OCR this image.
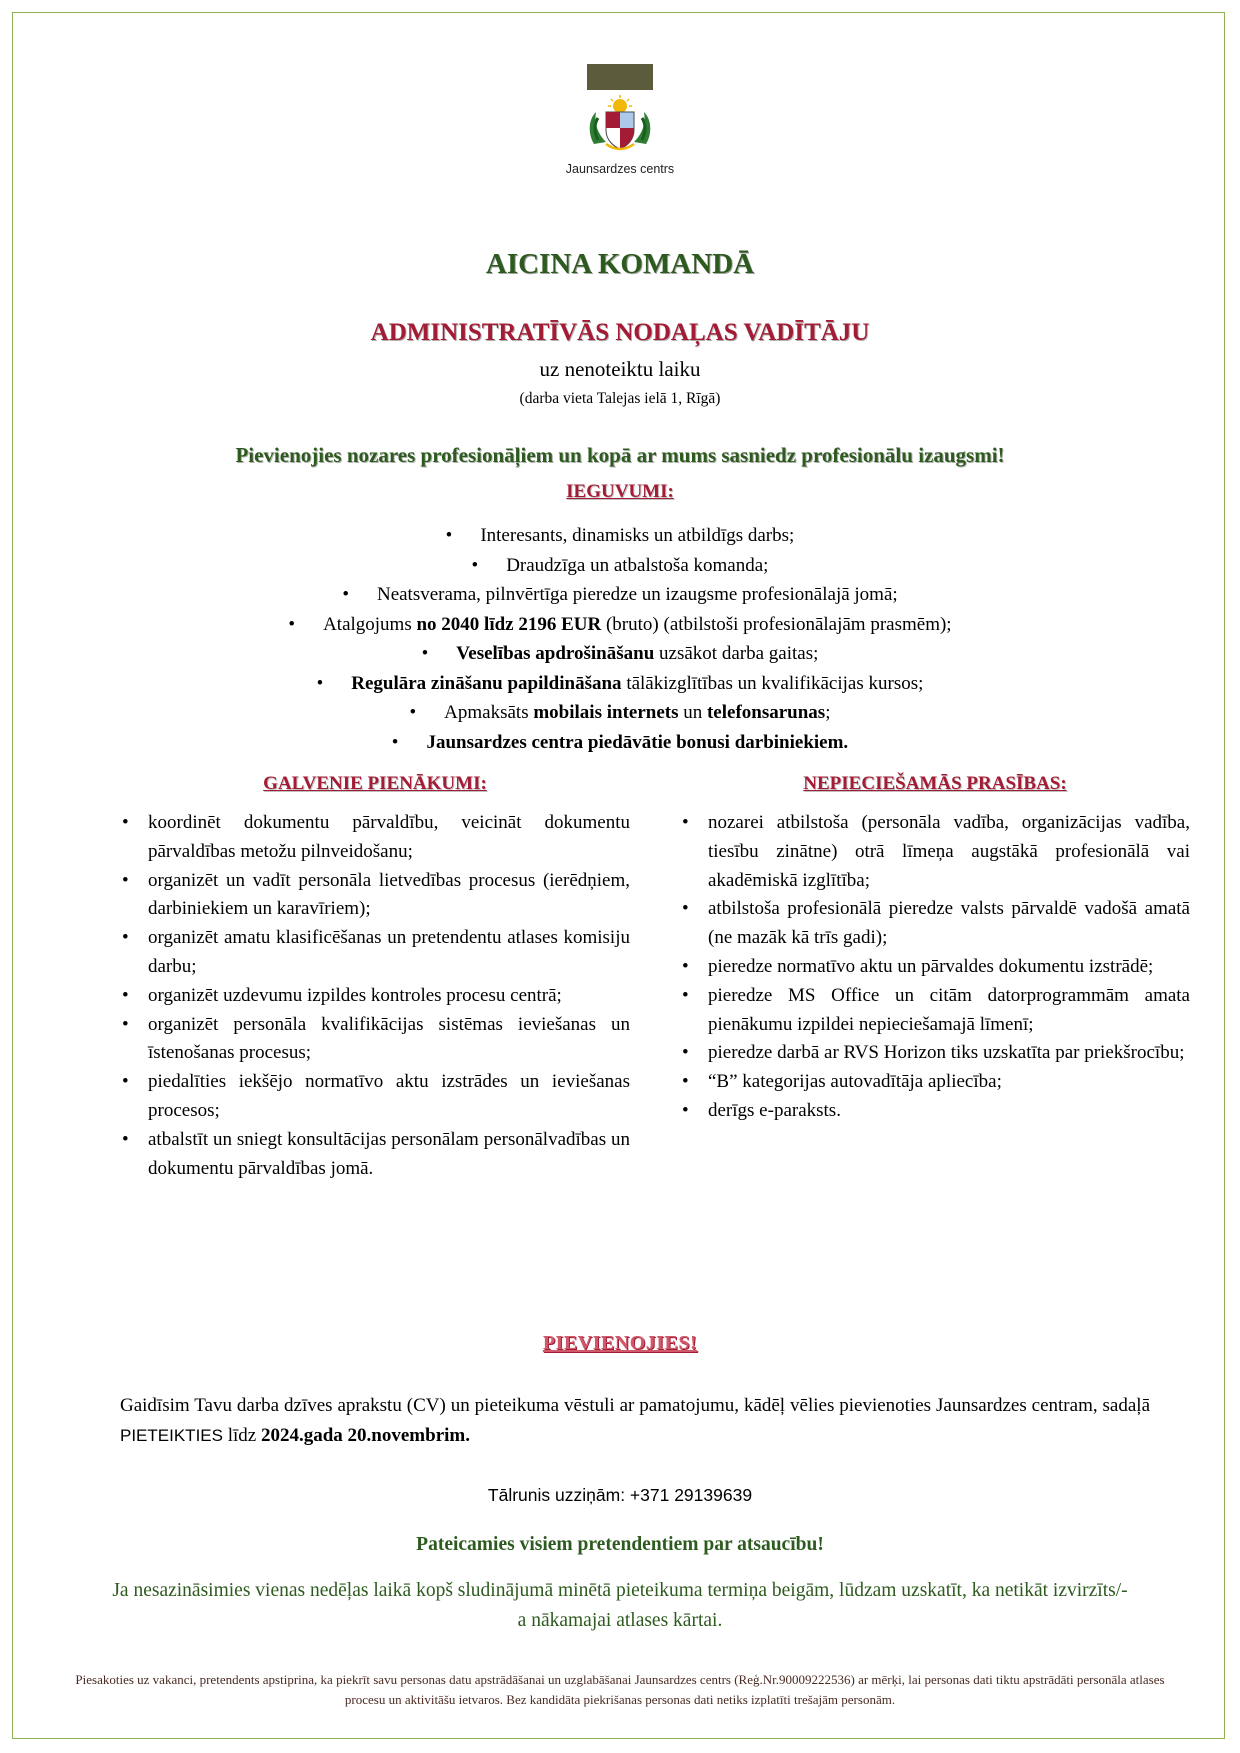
Jaunsardzes centrs
AICINA KOMANDĀ
ADMINISTRATĪVĀS NODAĻAS VADĪTĀJU
uz nenoteiktu laiku
(darba vieta Talejas ielā 1, Rīgā)
Pievienojies nozares profesionāļiem un kopā ar mums sasniedz profesionālu izaugsmi!
IEGUVUMI:
• Interesants, dinamisks un atbildīgs darbs;
• Draudzīga un atbalstoša komanda;
• Neatsverama, pilnvērtīga pieredze un izaugsme profesionālajā jomā;
• Atalgojums no 2040 līdz 2196 EUR (bruto) (atbilstoši profesionālajām prasmēm);
• Veselības apdrošināšanu uzsākot darba gaitas;
• Regulāra zināšanu papildināšana tālākizglītības un kvalifikācijas kursos;
• Apmaksāts mobilais internets un telefonsarunas;
• Jaunsardzes centra piedāvātie bonusi darbiniekiem.
GALVENIE PIENĀKUMI:
• koordinēt dokumentu pārvaldību, veicināt dokumentu pārvaldības metožu pilnveidošanu;
• organizēt un vadīt personāla lietvedības procesus (ierēdņiem, darbiniekiem un karavīriem);
• organizēt amatu klasificēšanas un pretendentu atlases komisiju darbu;
• organizēt uzdevumu izpildes kontroles procesu centrā;
• organizēt personāla kvalifikācijas sistēmas ieviešanas un īstenošanas procesus;
• piedalīties iekšējo normatīvo aktu izstrādes un ieviešanas procesos;
• atbalstīt un sniegt konsultācijas personālam personālvadības un dokumentu pārvaldības jomā.
NEPIECIEŠAMĀS PRASĪBAS:
• nozarei atbilstoša (personāla vadība, organizācijas vadība, tiesību zinātne) otrā līmeņa augstākā profesionālā vai akadēmiskā izglītība;
• atbilstoša profesionālā pieredze valsts pārvaldē vadošā amatā (ne mazāk kā trīs gadi);
• pieredze normatīvo aktu un pārvaldes dokumentu izstrādē;
• pieredze MS Office un citām datorprogrammām amata pienākumu izpildei nepieciešamajā līmenī;
• pieredze darbā ar RVS Horizon tiks uzskatīta par priekšrocību;
• “B” kategorijas autovadītāja apliecība;
• derīgs e-paraksts.
PIEVIENOJIES!
Gaidīsim Tavu darba dzīves aprakstu (CV) un pieteikuma vēstuli ar pamatojumu, kādēļ vēlies pievienoties Jaunsardzes centram, sadaļā PIETEIKTIES līdz 2024.gada 20.novembrim.
Tālrunis uzziņām: +371 29139639
Pateicamies visiem pretendentiem par atsaucību!
Ja nesazināsimies vienas nedēļas laikā kopš sludinājumā minētā pieteikuma termiņa beigām, lūdzam uzskatīt, ka netikāt izvirzīts/-a nākamajai atlases kārtai.
Piesakoties uz vakanci, pretendents apstiprina, ka piekrīt savu personas datu apstrādāšanai un uzglabāšanai Jaunsardzes centrs (Reģ.Nr.90009222536) ar mērķi, lai personas dati tiktu apstrādāti personāla atlases procesu un aktivitāšu ietvaros. Bez kandidāta piekrišanas personas dati netiks izplatīti trešajām personām.
